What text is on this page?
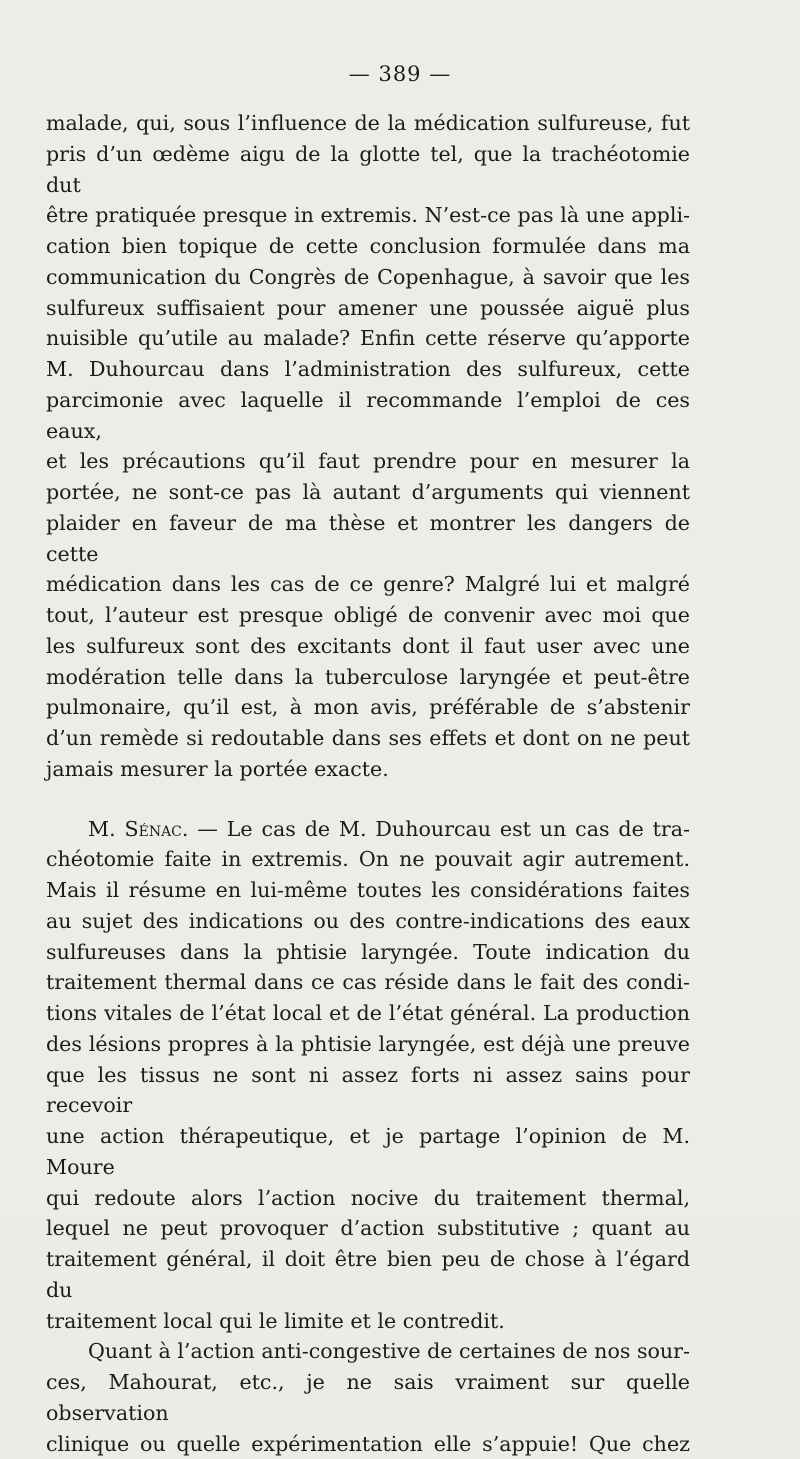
— 389 —

malade, qui, sous l’influence de la médication sulfureuse, fut
pris d’un œdème aigu de la glotte tel, que la trachéotomie dut
être pratiquée presque in extremis. N’est-ce pas là une appli-
cation bien topique de cette conclusion formulée dans ma
communication du Congrès de Copenhague, à savoir que les
sulfureux suffisaient pour amener une poussée aiguë plus
nuisible qu’utile au malade? Enfin cette réserve qu’apporte
M. Duhourcau dans l’administration des sulfureux, cette
parcimonie avec laquelle il recommande l’emploi de ces eaux,
et les précautions qu’il faut prendre pour en mesurer la
portée, ne sont-ce pas là autant d’arguments qui viennent
plaider en faveur de ma thèse et montrer les dangers de cette
médication dans les cas de ce genre? Malgré lui et malgré
tout, l’auteur est presque obligé de convenir avec moi que
les sulfureux sont des excitants dont il faut user avec une
modération telle dans la tuberculose laryngée et peut-être
pulmonaire, qu’il est, à mon avis, préférable de s’abstenir
d’un remède si redoutable dans ses effets et dont on ne peut
jamais mesurer la portée exacte.

M. Sénac. — Le cas de M. Duhourcau est un cas de tra-
chéotomie faite in extremis. On ne pouvait agir autrement.
Mais il résume en lui-même toutes les considérations faites
au sujet des indications ou des contre-indications des eaux
sulfureuses dans la phtisie laryngée. Toute indication du
traitement thermal dans ce cas réside dans le fait des condi-
tions vitales de l’état local et de l’état général. La production
des lésions propres à la phtisie laryngée, est déjà une preuve
que les tissus ne sont ni assez forts ni assez sains pour recevoir
une action thérapeutique, et je partage l’opinion de M. Moure
qui redoute alors l’action nocive du traitement thermal,
lequel ne peut provoquer d’action substitutive ; quant au
traitement général, il doit être bien peu de chose à l’égard du
traitement local qui le limite et le contredit.

Quant à l’action anti-congestive de certaines de nos sour-
ces, Mahourat, etc., je ne sais vraiment sur quelle observation
clinique ou quelle expérimentation elle s’appuie! Que chez
